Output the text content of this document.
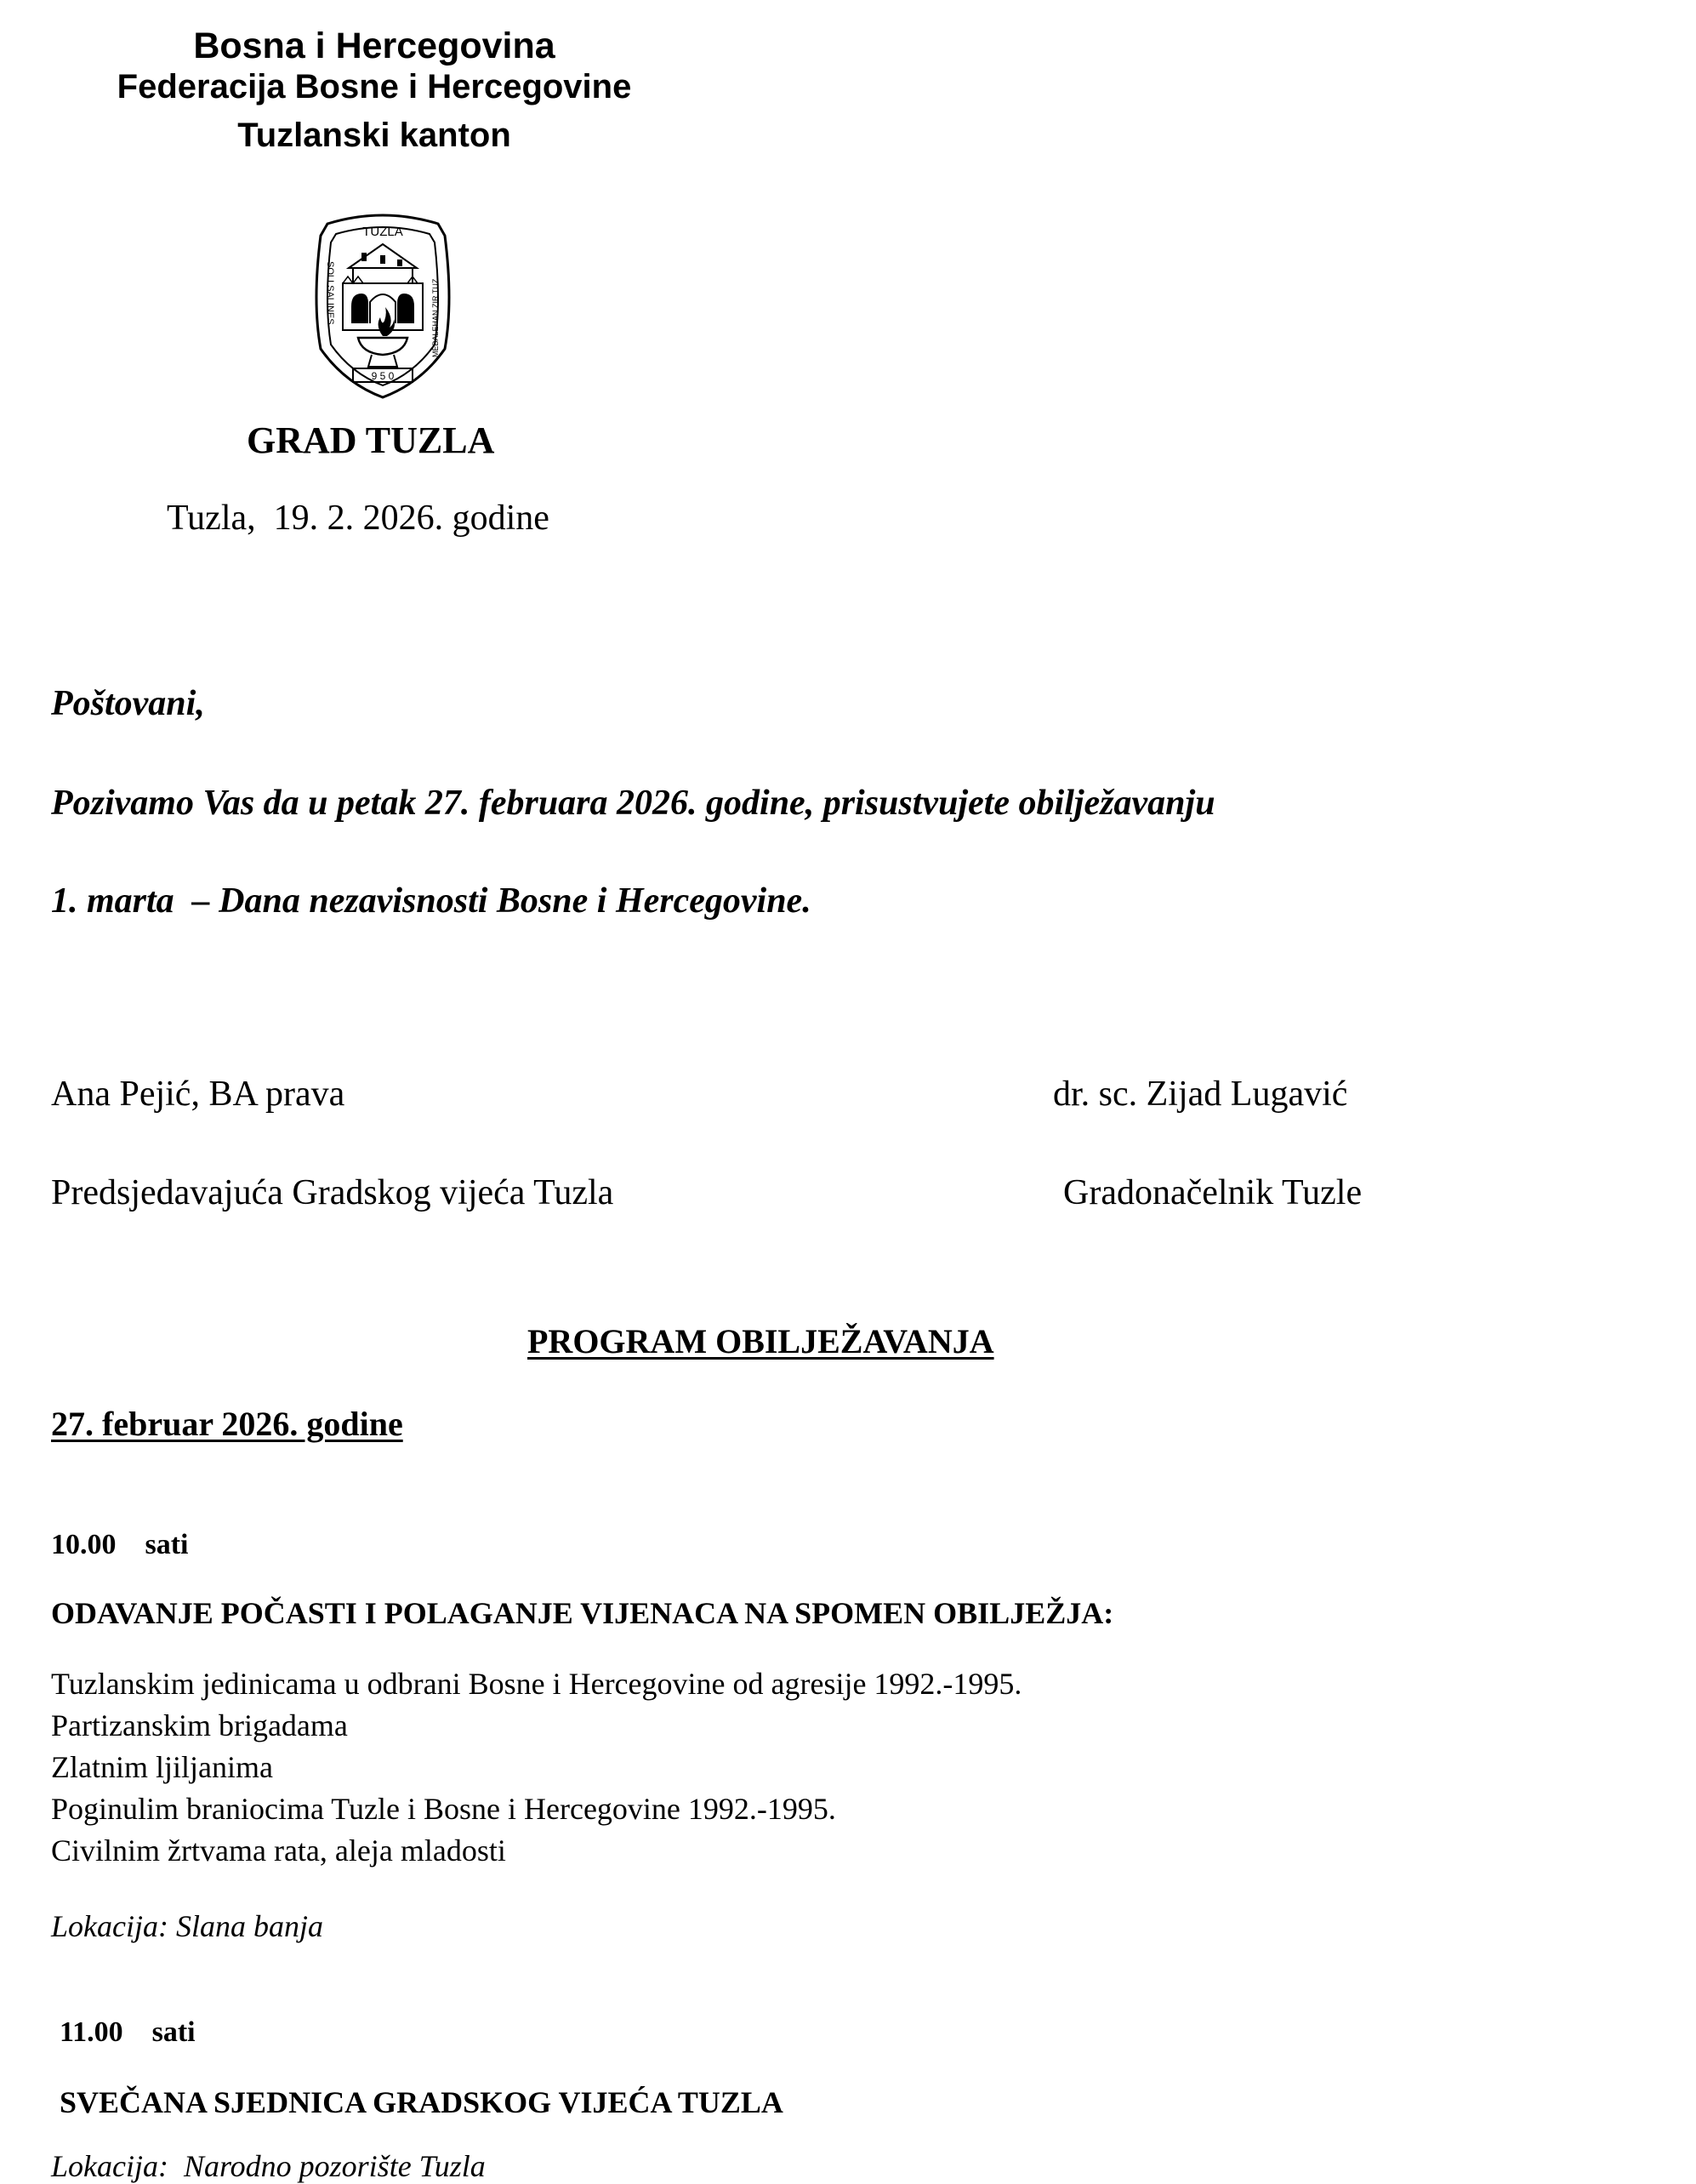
Bosna i Hercegovina
Federacija Bosne i Hercegovine
Tuzlanski kanton
TUZLA
9 5 0
SOLI SALINES	MEBALEHAN ZIR TUZ
GRAD TUZLA
Tuzla,  19. 2. 2026. godine
Poštovani,
Pozivamo Vas da u petak 27. februara 2026. godine, prisustvujete obilježavanju
1. marta  – Dana nezavisnosti Bosne i Hercegovine.
Ana Pejić, BA prava
Predsjedavajuća Gradskog vijeća Tuzla
dr. sc. Zijad Lugavić
Gradonačelnik Tuzle
PROGRAM OBILJEŽAVANJA
27. februar 2026. godine
10.00 sati
ODAVANJE POČASTI I POLAGANJE VIJENACA NA SPOMEN OBILJEŽJA:
Tuzlanskim jedinicama u odbrani Bosne i Hercegovine od agresije 1992.-1995.
Partizanskim brigadama
Zlatnim ljiljanima
Poginulim braniocima Tuzle i Bosne i Hercegovine 1992.-1995.
Civilnim žrtvama rata, aleja mladosti
Lokacija: Slana banja
11.00 sati
SVEČANA SJEDNICA GRADSKOG VIJEĆA TUZLA
Lokacija:  Narodno pozorište Tuzla
